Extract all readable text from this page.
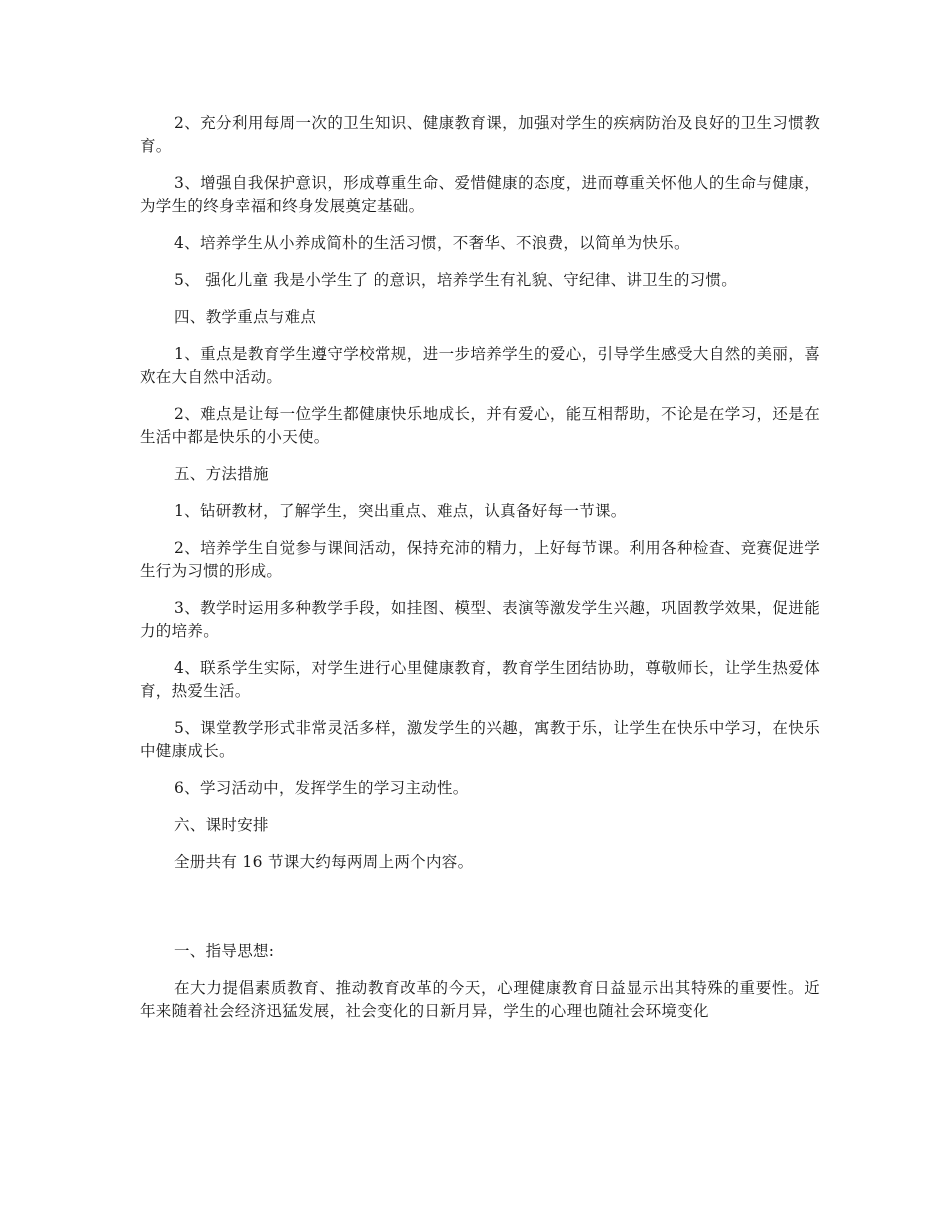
2、充分利用每周一次的卫生知识、健康教育课，加强对学生的疾病防治及良好的卫生习惯教育。

3、增强自我保护意识，形成尊重生命、爱惜健康的态度，进而尊重关怀他人的生命与健康，为学生的终身幸福和终身发展奠定基础。

4、培养学生从小养成简朴的生活习惯，不奢华、不浪费，以简单为快乐。

5、 强化儿童 我是小学生了 的意识，培养学生有礼貌、守纪律、讲卫生的习惯。

四、教学重点与难点

1、重点是教育学生遵守学校常规，进一步培养学生的爱心，引导学生感受大自然的美丽，喜欢在大自然中活动。

2、难点是让每一位学生都健康快乐地成长，并有爱心，能互相帮助，不论是在学习，还是在生活中都是快乐的小天使。

五、方法措施

1、钻研教材，了解学生，突出重点、难点，认真备好每一节课。

2、培养学生自觉参与课间活动，保持充沛的精力，上好每节课。利用各种检查、竞赛促进学生行为习惯的形成。

3、教学时运用多种教学手段，如挂图、模型、表演等激发学生兴趣，巩固教学效果，促进能力的培养。

4、联系学生实际，对学生进行心里健康教育，教育学生团结协助，尊敬师长，让学生热爱体育，热爱生活。

5、课堂教学形式非常灵活多样，激发学生的兴趣，寓教于乐，让学生在快乐中学习，在快乐中健康成长。

6、学习活动中，发挥学生的学习主动性。

六、课时安排

全册共有 16 节课大约每两周上两个内容。

一、指导思想:

在大力提倡素质教育、推动教育改革的今天，心理健康教育日益显示出其特殊的重要性。近年来随着社会经济迅猛发展，社会变化的日新月异，学生的心理也随社会环境变化
